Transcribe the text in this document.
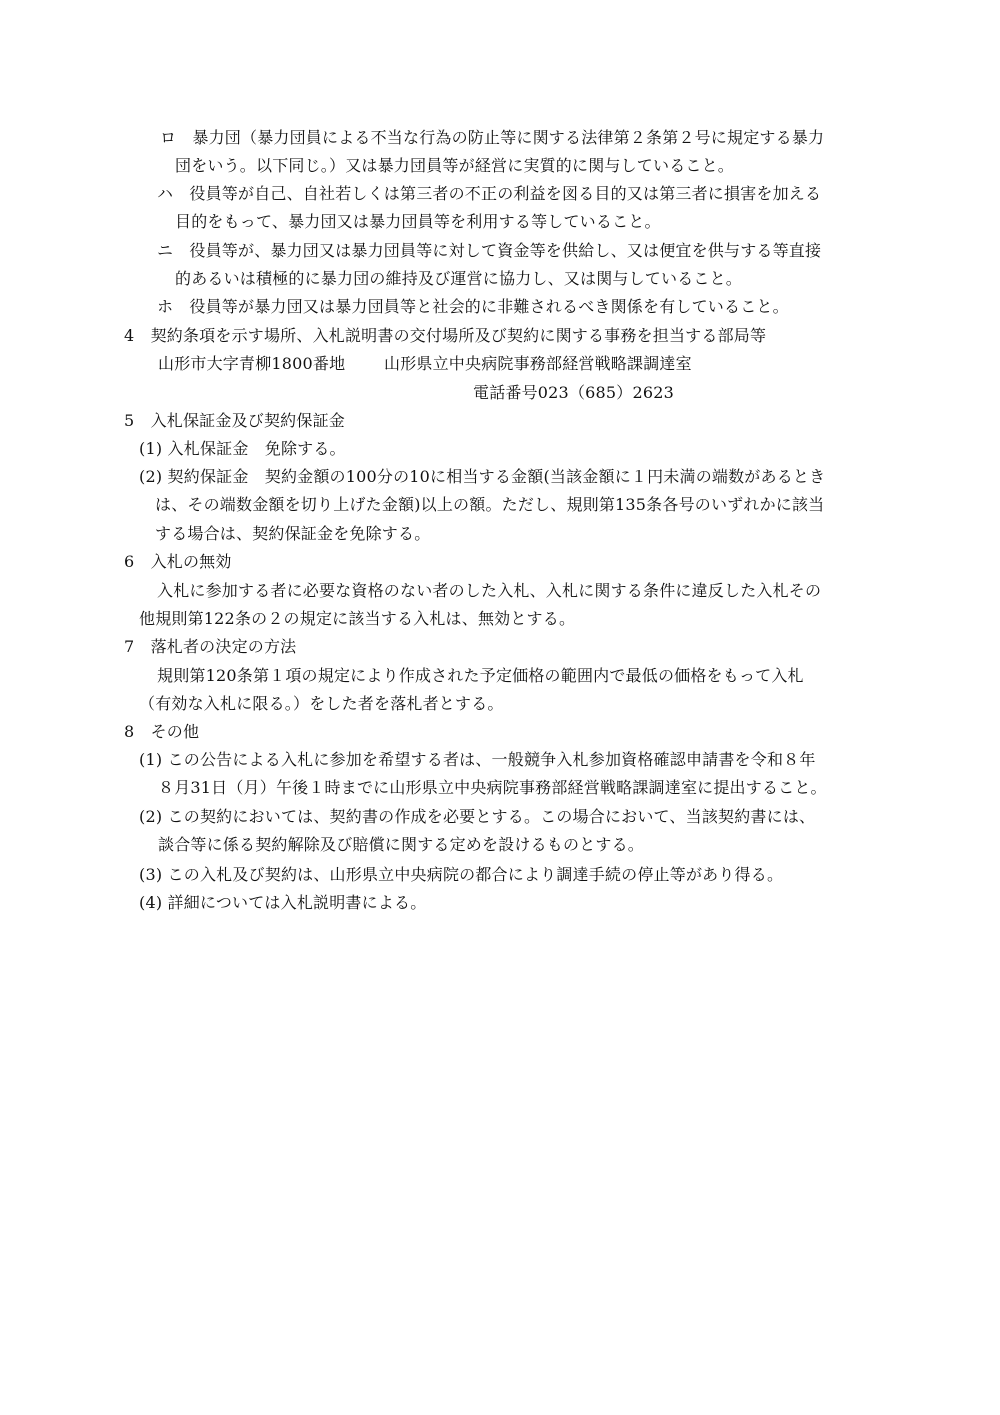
ロ　暴力団（暴力団員による不当な行為の防止等に関する法律第２条第２号に規定する暴力
団をいう。以下同じ。）又は暴力団員等が経営に実質的に関与していること。
ハ　役員等が自己、自社若しくは第三者の不正の利益を図る目的又は第三者に損害を加える
目的をもって、暴力団又は暴力団員等を利用する等していること。
ニ　役員等が、暴力団又は暴力団員等に対して資金等を供給し、又は便宜を供与する等直接
的あるいは積極的に暴力団の維持及び運営に協力し、又は関与していること。
ホ　役員等が暴力団又は暴力団員等と社会的に非難されるべき関係を有していること。
4　契約条項を示す場所、入札説明書の交付場所及び契約に関する事務を担当する部局等
山形市大字青柳1800番地 山形県立中央病院事務部経営戦略課調達室
電話番号023（685）2623
5　入札保証金及び契約保証金
(1) 入札保証金　免除する。
(2) 契約保証金　契約金額の100分の10に相当する金額(当該金額に１円未満の端数があるとき
は、その端数金額を切り上げた金額)以上の額。ただし、規則第135条各号のいずれかに該当
する場合は、契約保証金を免除する。
6　入札の無効
入札に参加する者に必要な資格のない者のした入札、入札に関する条件に違反した入札その
他規則第122条の２の規定に該当する入札は、無効とする。
7　落札者の決定の方法
規則第120条第１項の規定により作成された予定価格の範囲内で最低の価格をもって入札
（有効な入札に限る。）をした者を落札者とする。
8　その他
(1) この公告による入札に参加を希望する者は、一般競争入札参加資格確認申請書を令和８年
８月31日（月）午後１時までに山形県立中央病院事務部経営戦略課調達室に提出すること。
(2) この契約においては、契約書の作成を必要とする。この場合において、当該契約書には、
談合等に係る契約解除及び賠償に関する定めを設けるものとする。
(3) この入札及び契約は、山形県立中央病院の都合により調達手続の停止等があり得る。
(4) 詳細については入札説明書による。
